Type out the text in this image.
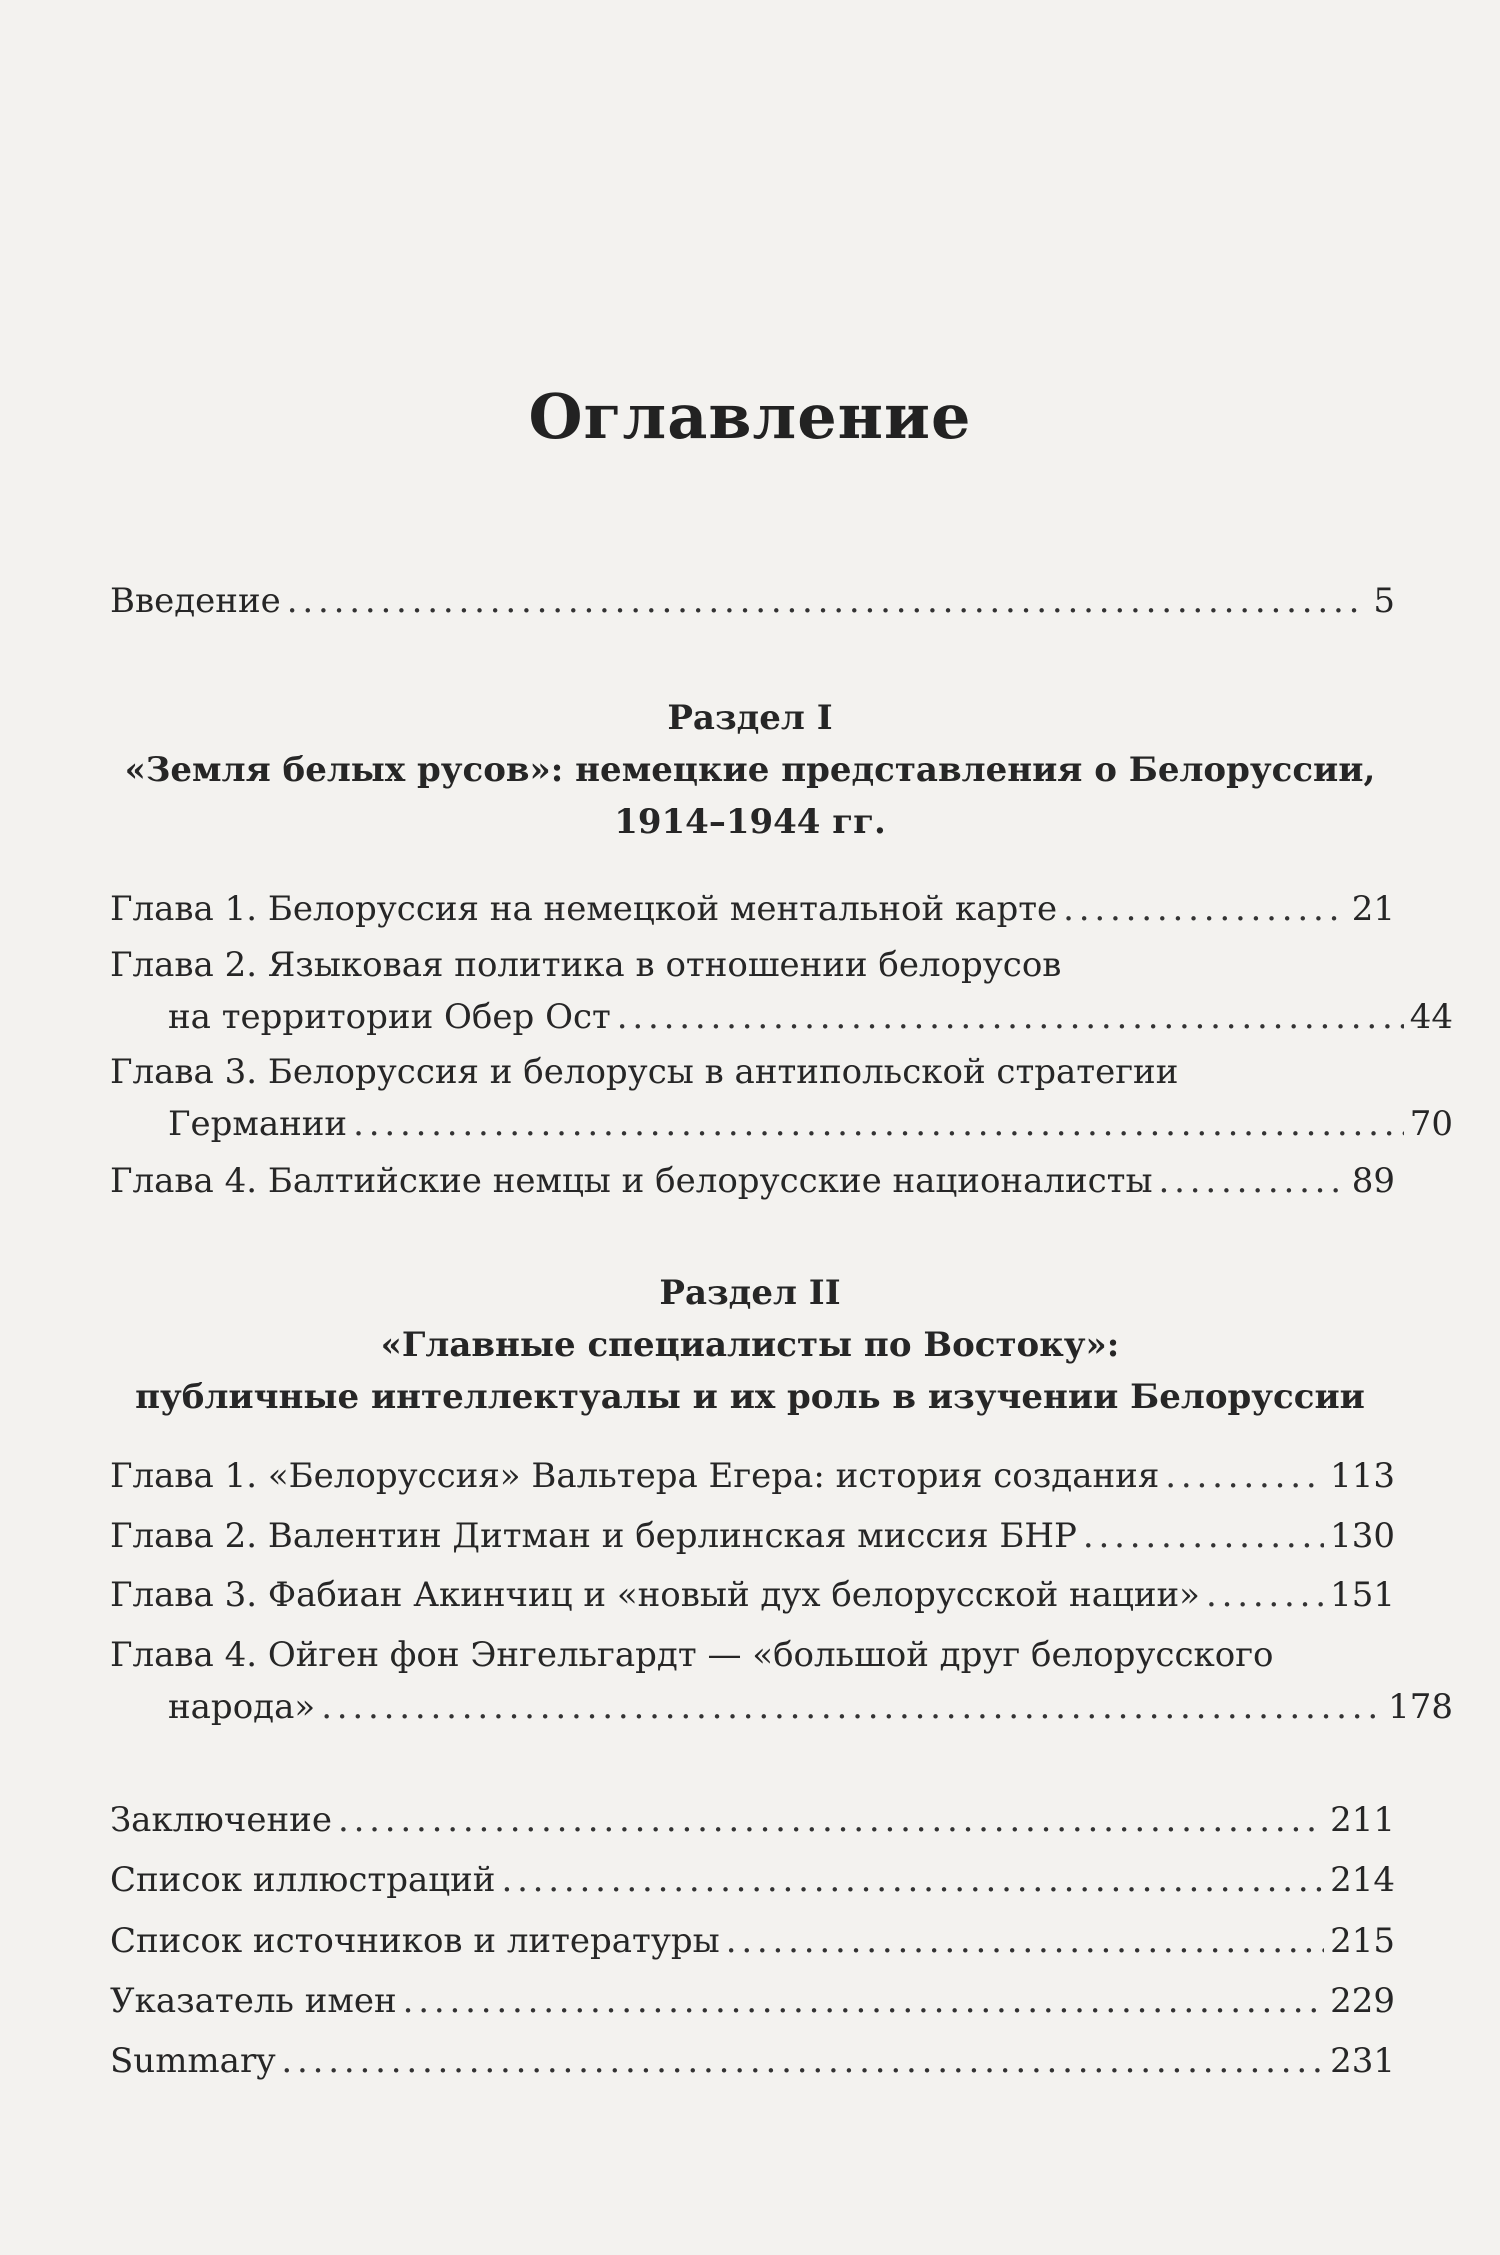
Оглавление
Введение . . .	5
Раздел I
«Земля белых русов»: немецкие представления о Белоруссии,
1914–1944 гг.
Глава 1. Белоруссия на немецкой ментальной карте . . .	21
Глава 2. Языковая политика в отношении белорусов
на территории Обер Ост . . .	44
Глава 3. Белоруссия и белорусы в антипольской стратегии
Германии . . .	70
Глава 4. Балтийские немцы и белорусские националисты . . .	89
Раздел II
«Главные специалисты по Востоку»:
публичные интеллектуалы и их роль в изучении Белоруссии
Глава 1. «Белоруссия» Вальтера Егера: история создания . . .	113
Глава 2. Валентин Дитман и берлинская миссия БНР . . .	130
Глава 3. Фабиан Акинчиц и «новый дух белорусской нации» . . .	151
Глава 4. Ойген фон Энгельгардт — «большой друг белорусского
народа» . . .	178
Заключение . . .	211
Список иллюстраций . . .	214
Список источников и литературы . . .	215
Указатель имен . . .	229
Summary . . .	231
